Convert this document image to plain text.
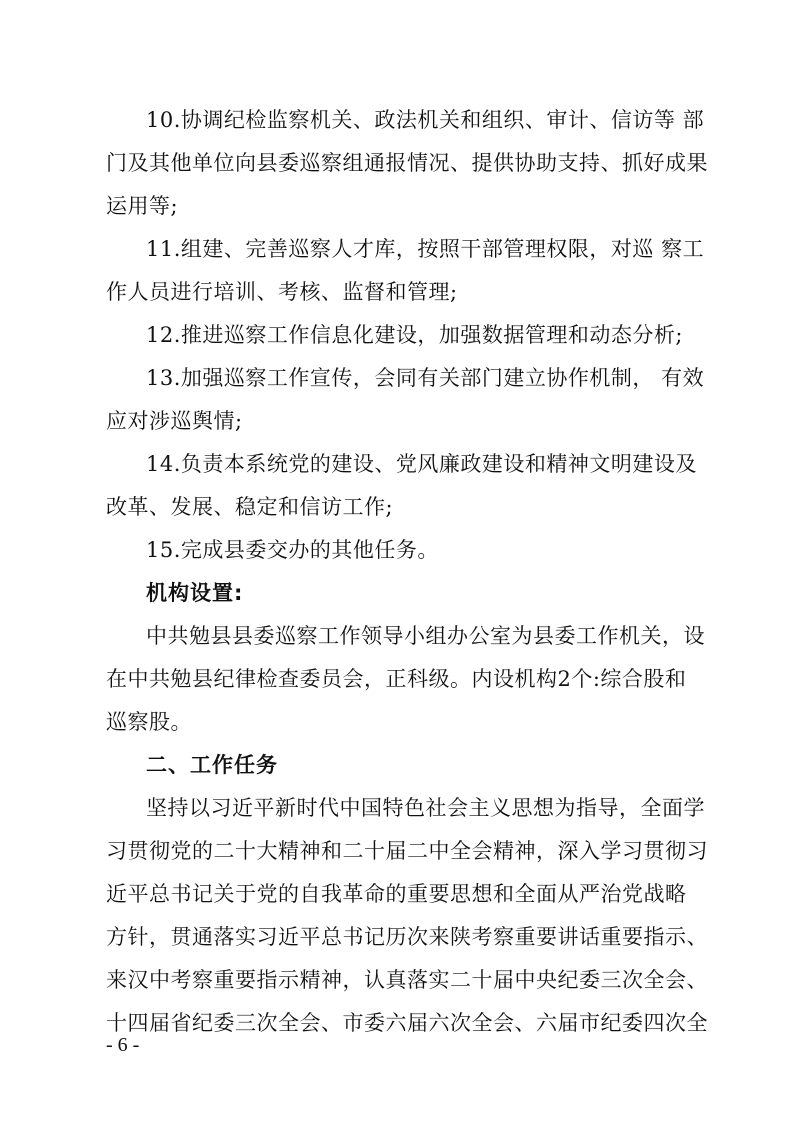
10.协调纪检监察机关、政法机关和组织、审计、信访等 部
门及其他单位向县委巡察组通报情况、提供协助支持、抓好成果
运用等;
11.组建、完善巡察人才库，按照干部管理权限，对巡 察工
作人员进行培训、考核、监督和管理;
12.推进巡察工作信息化建设，加强数据管理和动态分析;
13.加强巡察工作宣传，会同有关部门建立协作机制， 有效
应对涉巡舆情;
14.负责本系统党的建设、党风廉政建设和精神文明建设及
改革、发展、稳定和信访工作;
15.完成县委交办的其他任务。
机构设置:
中共勉县县委巡察工作领导小组办公室为县委工作机关，设
在中共勉县纪律检查委员会，正科级。内设机构2个:综合股和
巡察股。
二、工作任务
坚持以习近平新时代中国特色社会主义思想为指导，全面学
习贯彻党的二十大精神和二十届二中全会精神，深入学习贯彻习
近平总书记关于党的自我革命的重要思想和全面从严治党战略
方针，贯通落实习近平总书记历次来陕考察重要讲话重要指示、
来汉中考察重要指示精神，认真落实二十届中央纪委三次全会、
十四届省纪委三次全会、市委六届六次全会、六届市纪委四次全
- 6 -
